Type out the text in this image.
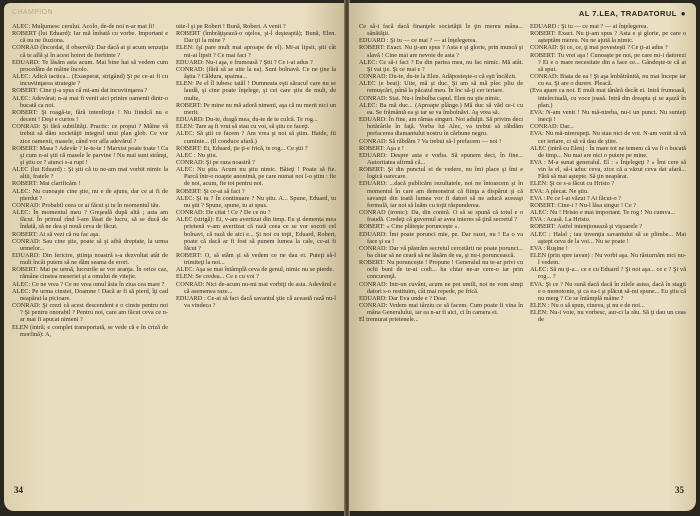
CHAMPION

ALEC: Mulţumesc cerului. Acolo, de-de noi n-ar mai fi!

ROBERT (lui Eduard): Iar mă îmbată cu vorbe. Important e că nu ne iluziona.

CONRAD (încordat, il observă): Dar dacă ai şi acum senzaţia că te află şi în acest hoiret de fierbinte ?

EDUARD: Te lăsăm asta acum. Mai bine hai să vedem cum procedăm de mâine încolo.

ALEC: Adică tactica... (Exasperat, strigând) Şi pe ce-ai fi cu incuviinţarea strategie ?

ROBERT: Cine ţi-a spus că mi-am dat incuviinţarea ?

ALEC: Adevărat; n-ai mai fi venit aici printre oamenii dintr-o bucată ca noi.

ROBERT: Şi roagă-te, fără interdicţie ! Nu fiindcă nu e decent ! Deşi e curios !

CONRAD: Şi fără subtilităţi. Practic: ce propui ? Mâine vă trebui să dăm societăţii integrul unui plan glob. Ce vor zice oamenii, masele, când vor afla adevărul ?

ROBERT: Masa ? Adevăr ? Ie-te-te ! Marxist poate toate ! Ca şi cum n-ai ştii că masele le parvine ! Nu mai sunt strânşi, şi ştiu ce ? atunci s-a rupt !

ALEC (lui Eduard) : Şi ştii că tu ne-am mai vorbit nimic la altii, fratele ?

ROBERT: Mai clarificăm !

ALEC: Nu cunoaşte cine ştie, nu e de ajuns, dar ce ai fi de pierdut ?

CONRAD: Probabil ceea ce ai făcut şi tu în momentul tău.

ALEC: În momentul meu ? Greşeală după altă ; asta am făcut. În primul rînd l-am lăsat de lucru, să se ducă de îndată, să ne dea şi nouă ceva de făcut.

ROBERT: Ai să vezi că nu fac aşa.

CONRAD: Sau cine ştie, poate să şi aibă dreptate, la urma urmelor...

EDUARD: Din fericire, ştiinţa noastră s-a dezvoltat atât de mult încât putem să ne dăm seama de erori.

ROBERT: Mai pe urmă, lucrurile se vor aranja. În orice caz, rămâne cinstea meseriei şi a omului de vitejie.

ALEC: Ce ne vrea ? Ce ne vrea omul ăsta în ziua cea mare ?

ALEC: Pe urma cinstei, Doamne ! Dacă ar fi să pierd, îţi cad neapărat la picioare.

CONRAD: Şi crezi că acest descendent e o cinste pentru noi ? Şi pentru onorabil ? Pentru noi, care am făcut ceva ce n-ar mai fi apucat nimeni ?

ELEN (intră; e complet transportată, se vede că e în criză de morfină): A,

uite-l şi pe Robert ! Bună, Robert. A venit ?

ROBERT (îmbrăţişează-o oţelos, şi-l deşteaptă); Bună, Elen. Dar ţii la mine ?

ELEN: (şi pare mult mai aproape de el). Mi-ai lipsit, ştii cât mi-ai lipsit ? Ce mai faci ?

EDUARD: Nu-i aşa, e frumoasă ? Ştii ? Ce i-ai adus ?

CONRAD: (fără să se uite la ea). Sunt bolnavă. Ce ne ţine la ăştia ? Căldura, spaima...

ELEN: Pe el îl iubesc tatăl ! Dumneata eşti săracul care nu se laudă, şi cine poate înţelege, şi cei care ştiu de mult, de multe,

ROBERT: Pe mine nu mă adoră nimeni, aşa că nu merit nici un merit.

EDUARD: Du-te, dragă mea, du-te de te culcă. Te rog...

ELEN: Tare aş fi vrut să stau cu voi, să ştiu ce faceţi.

ALEC: Să ştii ce facem ? Am vrea şi noi să ştim. Haide, fii cuminte... (Il conduce afară.)

ROBERT: Ei, Eduard, ţie ţi-e frică, te rog... Ce ştii ?

ALEC : Nu ştiu.

CONRAD: Şi pe raza noastră ?

ALEC: Nu ştiu. Acum nu ştiu nimic. Băieţi ! Poate să fie. Parcă într-o noapte anonimă, pe care numai noi l-o ştim : fie de noi, acum, fie tot pentru noi.

ROBERT: Şi ce-ai să faci ?

ALEC: Şi tu ? În continuare ? Nu ştiu. A... Spune, Eduard, tu nu ştii ? Spune, spune, tu ai spus.

CONRAD: De citat ! Ce ? De ce nu ?

ALEC (strigă): Ei, v-am avertizat din timp. Eu şi demența mea prietenă v-am avertizat că rază ceea ce se vor socoti cel bolnavi, că rază de aici e... Şi noi cu toţii, Eduard, Robert, poate că dacă ar fi fost să punem lumea la cale, ce-ai fi făcut ?

ROBERT: O, să stăm şi să vedem ce ne dau ei. Puteţi să-l trimiteţi la noi...

ALEC: Aşa se mai întâmplă ceva de genul, nimic nu se pierde.

ELEN: Se credea... Ce e cu voi ?

CONRAD: Nici de-acum nu-mi mai vorbiţi de asta. Adevărul e că asemenea raze...

EDUARD : Ce-ai să faci dacă savantul ştie că această rază nu-l va vindeca ?

34
AL 7.LEA, TRADATORUL ●

Ce să-i facă dacă finanţele societăţii le ţin mereu mâna... sănătăţii.

EDUARD : Şi tu — ce mai ? — ai înţelegerea.

ROBERT: Exact. Nu ţi-am spus ? Asta e şi glorie, prin muncă şi slavă ! Cine mai are nevoie de asta ?

ALEC: Ce să-i faci ? Eu din partea mea, nu fac nimic. Mă atât. Şi vai ţie. Şi ce mai e ?

CONRAD: Du-te, du-te la Elen. Adăposteşte-o că eşti încălzit.

ALEC (e beat): Uite, mă şi duc. Şi am să mă plec pliu de remuşcări, până la păcatul meu. În loc să-ţi cer iertare.

CONRAD: Stai. Nu-i îmbulba capul. Elen nu ştie nimic.

ALEC: Ba mă duc... (Aproape plânge.) Mă duc să văd ce-i cu ea. Se frământă ea şi iar se va îmbolnăvi. Aş vrea să..

EDUARD: În fine, am rămas singuri. Noi adulţii. Să privim deci hotărârile în faţă. Vorba lui Alec, va trebui să răbdăm prefacerea diamantului nostru în cărbune negru.

CONRAD: Să răbdăm ? Va trebui să-l prefacem — noi !

ROBERT: Aşa e !

EDUARD: Despre asta e vorba. Să spunem deci, în fine... Autoritatea afirmă că...

ROBERT: Şi din punctul ei de vedere, nu îmi place şi îmi e logică oarecare.

EDUARD: ...dacă publicăm rezultatele, noi ne întoarcem şi în momentul în care am demonstrat că fiinţa a dispărut şi că savanţii din toată lumea vor fi datori să ne aducă aceeaşi formulă, iar noi să luăm cu toţii răspunderea.

CONRAD (ironic): Da, din contră. O să se spună că totul e o fraudă. Credeţi că guvernul ar avea interes să ţină secretul ?

ROBERT: « Cine plăteşte porunceşte ».

EDUARD: Îmi poate porunci mie, pe. Dar razei, nu ! Ea o va face şi ea !

CONRAD: Dar vă păstrăm secretul cercetării ne poate porunci... ba chiar să ne ceară să ne lăsăm de ea, şi nu-i poruncească.

ROBERT: Nu poruncește ! Propune ! Generalul nu te-ar privi cu ochi buni de te-ai codi... ba chiar ne-ar cere-o iar prin concurenţă.

CONRAD: Intr-un cuvânt, acum ne pot umili, noi ne vom simţi datori s-o restituim, cât mai repede, pe frică.

EDUARD: Dar Eva unde e ? Doar.

CONRAD: Vedem mai târziu ce să facem. Cum poate fi vina în mâna Generalului, iar ea n-ar fi aici, ci în camera ei.

El tremurat prietenele...

EDUARD : Şi tu — ce mai ? — ai înţelegerea.

ROBERT: Exact. Nu ţi-am spus ? Asta e şi glorie, pe care o aşteptăm mereu. Nu ne ajută la nimic.

CONRAD: Şi ce, ce, ţi mai povesteşti ? Ce ţi-ai adus ?

ROBERT: Tu vrei aşa ! Cunoaşte pe noi, pe care mi-i datorezi ? Ei e o mare necesitate din a face ce... Gândeşte-te că ai să spui.

CONRAD: Biata de ea ! Şi aşa îmbătrânită, nu mai începe iar cu ea. Şi are o durere. Pleacă.

(Eva apare ca noi. E mult mai tânără decât ei. Intră frumoasă, intelectuală, cu voce joasă. Intră din dreapta şi se aşază în plan.)

EVA: N-am venit ! Nu mă-ntreba, nu-i un punct. Nu sunteţi inecţi !

CONRAD: Dar...

EVA: Nu mă-ntrerupeţi. Nu stau nici de voi. N-am venit să vă cer iertare, ci să vă dau de ştire.

ALEC (intră cu Elen) : În mare tot ne temem că va fi o bucată de timp... Nu mai are nici o putere pe mine.

EVA : M-a sunat generalul. El : « Înţelegeţi ? » Îmi cere să vin la el, să-i aduc ceva, zice că a văzut ceva dat afară... Fără să mai aştepte. Să ţin neapărat.

ELEN: Şi ce s-a făcut cu Hristo ?

EVA: A plecat. Ne ştiu.

EVA : Pe ce l-ai văzut ? Ai făcut-o ?

ROBERT: Cine-i ? Nu-l lăsa singur ! Ce ?

ALEC: Nu ! Hristo e mai important. Te rog ! Nu cumva...

EVA : Acasă. La Hristo.

ROBERT: Astfel intenţionează şi vişoarele ?

ALEC : Halal ; iau invenţia savantului să se plimbe... Mai aştept ceva de la voi... Nu se poate !

EVA : Ruşine !

ELEN (prin spre tavan) : Nu vorbi aşa. Nu răsturnăm nici nu-l vedem.

ALEC: Să nu ţi-a... ce e cu Eduard ? Şi noi aşa... ce e ? Şi vă rog... ?

EVA: Şi ce ? Nu sună dacă dacă în zilele astea, dacă în stagii e o monotonie, şi ca ea-i şi plăcut să-mi spune... Eu ştiu că nu merg ? Ce se întâmplă mâine ?

ELEN : Nu o să spun, cineva, şi nu e de noi...

ELEN: Nu-i voie, nu vorbesc, aur-ci la rău. Să ţi dau un ceas de

35
